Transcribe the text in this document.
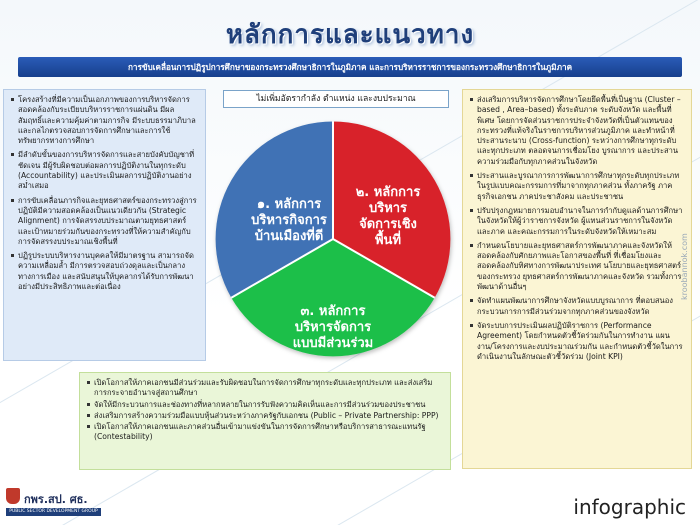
หลักการและแนวทาง
การขับเคลื่อนการปฏิรูปการศึกษาของกระทรวงศึกษาธิการในภูมิภาค และการบริหารราชการของกระทรวงศึกษาธิการในภูมิภาค
โครงสร้างที่มีความเป็นเอกภาพของการบริหารจัดการ สอดคล้องกับระเบียบบริหารราชการแผ่นดิน มีผลสัมฤทธิ์และความคุ้มค่าตามการกิจ มีระบบธรรมาภิบาลและกลไกตรวจสอบการจัดการศึกษาและการใช้ทรัพยากรทางการศึกษา
มีลำดับขั้นของการบริหารจัดการและสายบังคับบัญชาที่ชัดเจน มีผู้รับผิดชอบต่อผลการปฏิบัติงานในทุกระดับ (Accountability) และประเมินผลการปฏิบัติงานอย่างสม่ำเสมอ
การขับเคลื่อนภารกิจและยุทธศาสตร์ของกระทรวงสู่การปฏิบัติมีความสอดคล้องเป็นแนวเดียวกัน (Strategic Alignment) การจัดสรรงบประมาณตามยุทธศาสตร์และเป้าหมายร่วมกันของกระทรวงที่ให้ความสำคัญกับการจัดสรรงบประมาณเชิงพื้นที่
ปฏิรูประบบบริหารงานบุคคลให้มีมาตรฐาน สามารถจัดความเหลื่อมล้ำ มีการตรวจสอบถ่วงดุลและเป็นกลางทางการเมือง และสนับสนุนให้บุคลากรได้รับการพัฒนาอย่างมีประสิทธิภาพและต่อเนื่อง
ส่งเสริมการบริหารจัดการศึกษาโดยยึดพื้นที่เป็นฐาน (Cluster – based , Area–based) ทั้งระดับภาค ระดับจังหวัด และพื้นที่พิเศษ โดยการจัดส่วนราชการประจำจังหวัดที่เป็นตัวแทนของกระทรวงที่แท้จริงในราชการบริหารส่วนภูมิภาค และทำหน้าที่ประสานระนาบ (Cross-function) ระหว่างการศึกษาทุกระดับและทุกประเภท ตลอดจนการเชื่อมโยง บูรณาการ และประสานความร่วมมือกับทุกภาคส่วนในจังหวัด
ประสานและบูรณาการการพัฒนาการศึกษาทุกระดับทุกประเภท ในรูปแบบคณะกรรมการที่มาจากทุกภาคส่วน ทั้งภาครัฐ ภาคธุรกิจเอกชน ภาคประชาสังคม และประชาชน
ปรับปรุงกฎหมายการมอบอำนาจในการกำกับดูแลด้านการศึกษาในจังหวัดให้ผู้ว่าราชการจังหวัด ผู้แทนส่วนราชการในจังหวัดและภาค และคณะกรรมการในระดับจังหวัดให้เหมาะสม
กำหนดนโยบายและยุทธศาสตร์การพัฒนาภาคและจังหวัดให้สอดคล้องกับศักยภาพและโอกาสของพื้นที่ ที่เชื่อมโยงและสอดคล้องกับทิศทางการพัฒนาประเทศ นโยบายและยุทธศาสตร์ของกระทรวง ยุทธศาสตร์การพัฒนาภาคและจังหวัด รวมทั้งการพัฒนาด้านอื่นๆ
จัดทำแผนพัฒนาการศึกษาจังหวัดแบบบูรณาการ ที่ตอบสนองกระบวนการการมีส่วนร่วมจากทุกภาคส่วนของจังหวัด
จัดระบบการประเมินผลปฏิบัติราชการ (Performance Agreement) โดยกำหนดตัวชี้วัดร่วมกันในการทำงาน แผนงาน/โครงการและงบประมาณร่วมกัน และกำหนดตัวชี้วัดในการดำเนินงานในลักษณะตัวชี้วัดร่วม (Joint KPI)
เปิดโอกาสให้ภาคเอกชนมีส่วนร่วมและรับผิดชอบในการจัดการศึกษาทุกระดับและทุกประเภท และส่งเสริมการกระจายอำนาจสู่สถานศึกษา
จัดให้มีกระบวนการและช่องทางที่หลากหลายในการรับฟังความคิดเห็นและการมีส่วนร่วมของประชาชน
ส่งเสริมการสร้างความร่วมมือแบบหุ้นส่วนระหว่างภาครัฐกับเอกชน (Public – Private Partnership: PPP)
เปิดโอกาสให้ภาคเอกชนและภาคส่วนอื่นเข้ามาแข่งขันในการจัดการศึกษาหรือบริการสาธารณะแทนรัฐ (Contestability)
ไม่เพิ่มอัตรากำลัง ตำแหน่ง และงบประมาณ
๑. หลักการ
บริหารกิจการ
บ้านเมืองที่ดี
๒. หลักการ
บริหาร
จัดการเชิง
พื้นที่
๓. หลักการ
บริหารจัดการ
แบบมีส่วนร่วม
กพร.สป. ศธ.
PUBLIC SECTOR DEVELOPMENT GROUP
kroobannok.com
infographic
